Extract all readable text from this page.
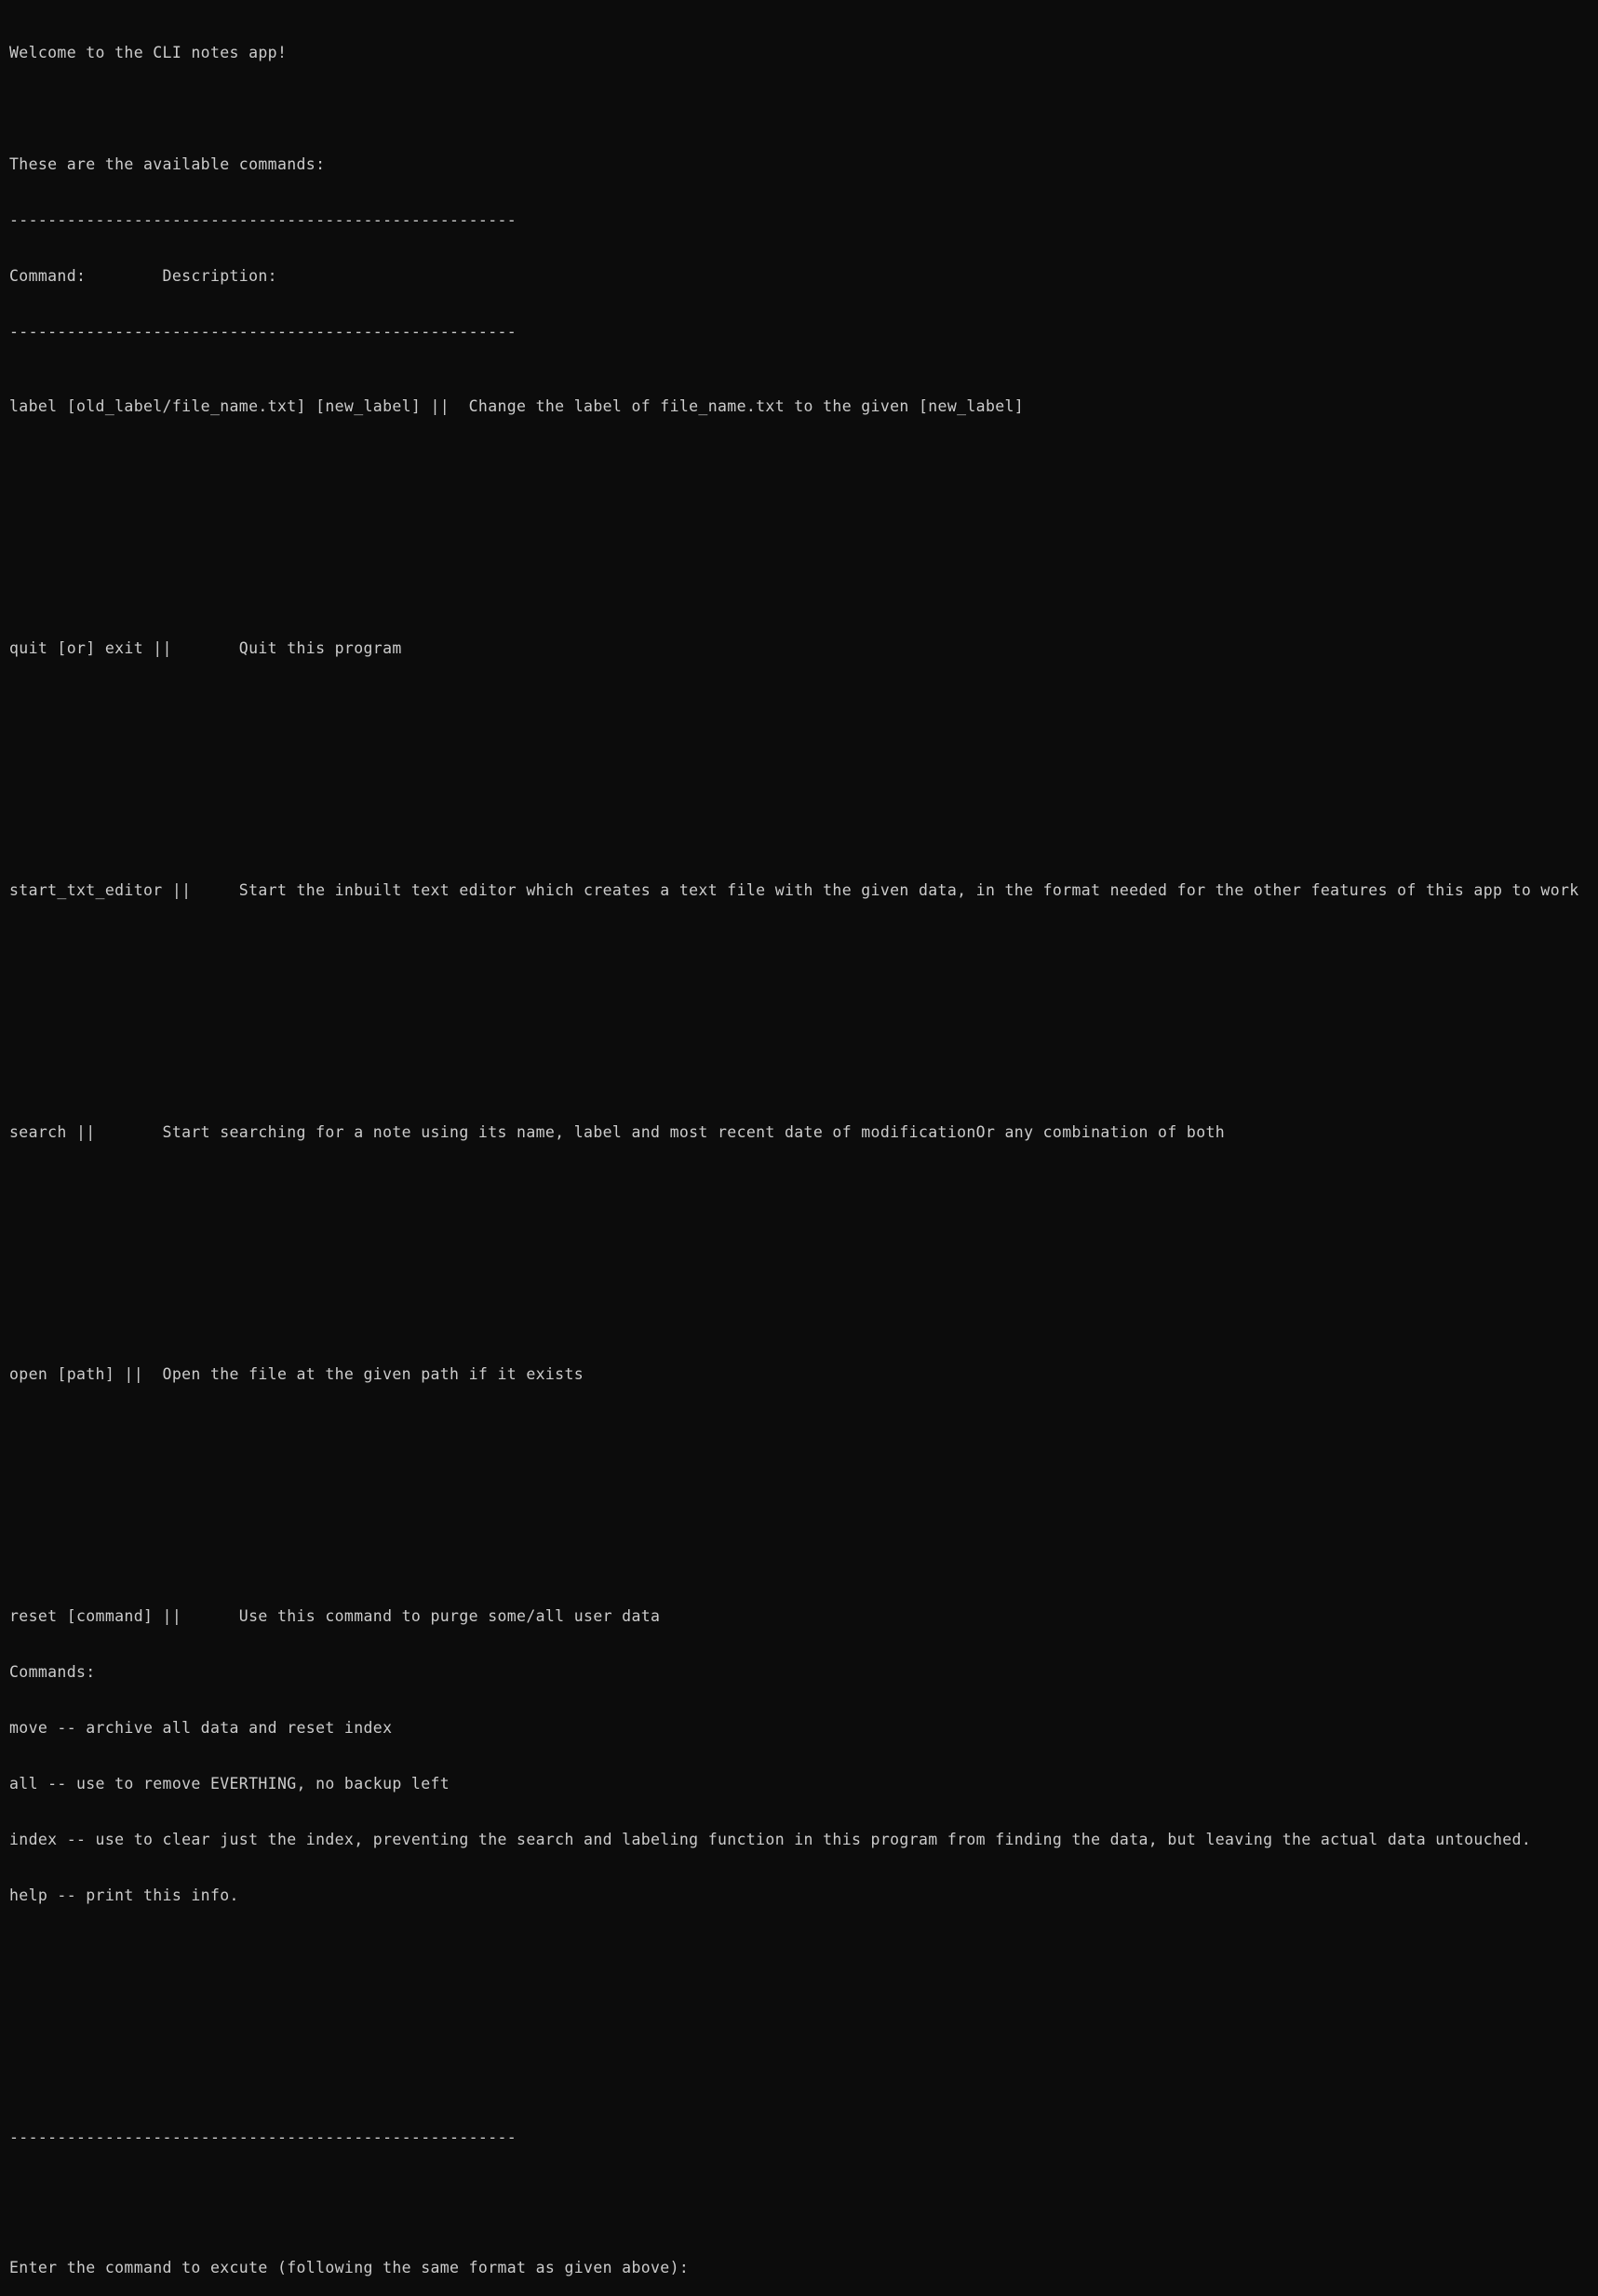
Welcome to the CLI notes app!

These are the available commands:

-----------------------------------------------------

Command:        Description:

-----------------------------------------------------

label [old_label/file_name.txt] [new_label] ||  Change the label of file_name.txt to the given [new_label]

quit [or] exit ||       Quit this program

start_txt_editor ||     Start the inbuilt text editor which creates a text file with the given data, in the format needed for the other features of this app to work

search ||       Start searching for a note using its name, label and most recent date of modificationOr any combination of both

open [path] ||  Open the file at the given path if it exists

reset [command] ||      Use this command to purge some/all user data

Commands:

move -- archive all data and reset index

all -- use to remove EVERTHING, no backup left

index -- use to clear just the index, preventing the search and labeling function in this program from finding the data, but leaving the actual data untouched.

help -- print this info.

-----------------------------------------------------

Enter the command to excute (following the same format as given above):
